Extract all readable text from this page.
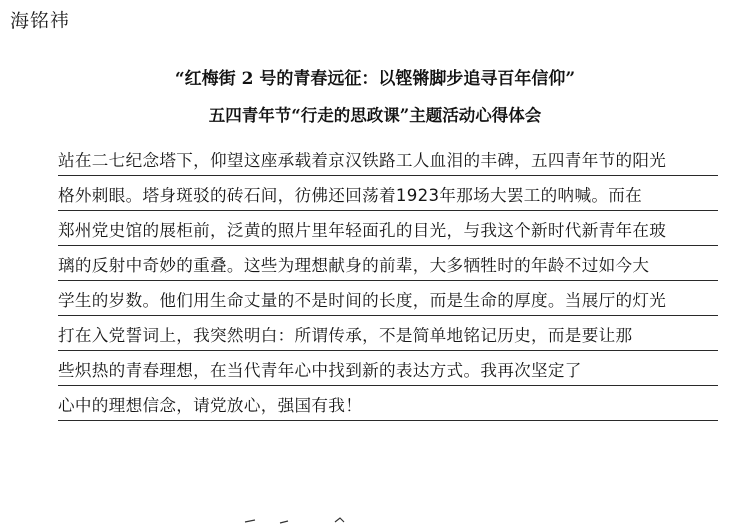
海铭祎
“红梅街 2 号的青春远征：以铿锵脚步追寻百年信仰”
五四青年节“行走的思政课”主题活动心得体会
站在二七纪念塔下，仰望这座承载着京汉铁路工人血泪的丰碑，五四青年节的阳光
格外刺眼。塔身斑驳的砖石间，彷佛还回荡着1923年那场大罢工的呐喊。而在
郑州党史馆的展柜前，泛黄的照片里年轻面孔的目光，与我这个新时代新青年在玻
璃的反射中奇妙的重叠。这些为理想献身的前辈，大多牺牲时的年龄不过如今大
学生的岁数。他们用生命丈量的不是时间的长度，而是生命的厚度。当展厅的灯光
打在入党誓词上，我突然明白：所谓传承，不是简单地铭记历史，而是要让那
些炽热的青春理想，在当代青年心中找到新的表达方式。我再次坚定了
心中的理想信念，请党放心，强国有我！
